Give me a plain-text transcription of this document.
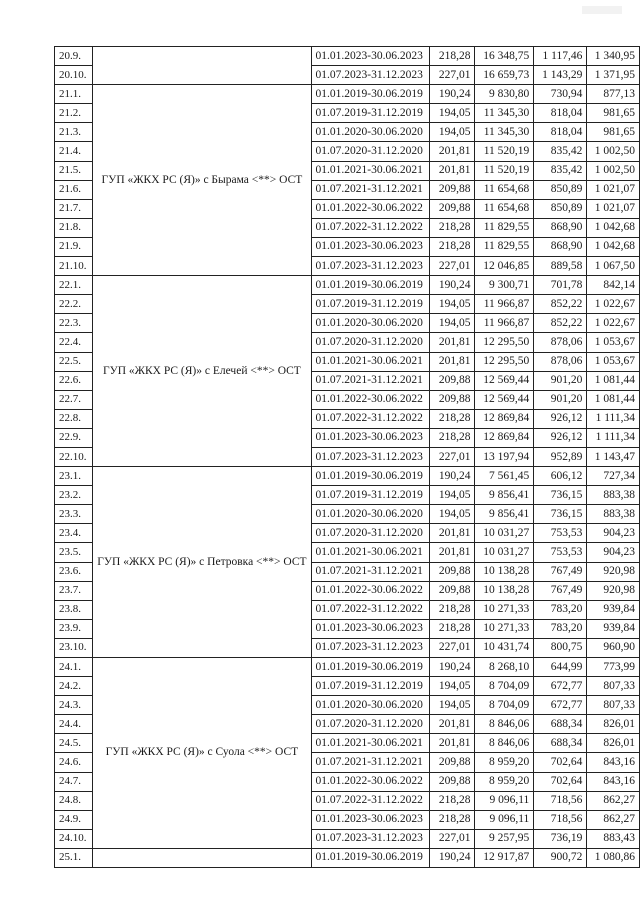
20.9.		01.01.2023-30.06.2023	218,28	16 348,75	1 117,46	1 340,95
20.10.		01.07.2023-31.12.2023	227,01	16 659,73	1 143,29	1 371,95
21.1.	ГУП «ЖКХ РС (Я)» с Бырама <**> ОСТ	01.01.2019-30.06.2019	190,24	9 830,80	730,94	877,13
21.2.		01.07.2019-31.12.2019	194,05	11 345,30	818,04	981,65
21.3.		01.01.2020-30.06.2020	194,05	11 345,30	818,04	981,65
21.4.		01.07.2020-31.12.2020	201,81	11 520,19	835,42	1 002,50
21.5.		01.01.2021-30.06.2021	201,81	11 520,19	835,42	1 002,50
21.6.		01.07.2021-31.12.2021	209,88	11 654,68	850,89	1 021,07
21.7.		01.01.2022-30.06.2022	209,88	11 654,68	850,89	1 021,07
21.8.		01.07.2022-31.12.2022	218,28	11 829,55	868,90	1 042,68
21.9.		01.01.2023-30.06.2023	218,28	11 829,55	868,90	1 042,68
21.10.		01.07.2023-31.12.2023	227,01	12 046,85	889,58	1 067,50
22.1.	ГУП «ЖКХ РС (Я)» с Елечей <**> ОСТ	01.01.2019-30.06.2019	190,24	9 300,71	701,78	842,14
22.2.		01.07.2019-31.12.2019	194,05	11 966,87	852,22	1 022,67
22.3.		01.01.2020-30.06.2020	194,05	11 966,87	852,22	1 022,67
22.4.		01.07.2020-31.12.2020	201,81	12 295,50	878,06	1 053,67
22.5.		01.01.2021-30.06.2021	201,81	12 295,50	878,06	1 053,67
22.6.		01.07.2021-31.12.2021	209,88	12 569,44	901,20	1 081,44
22.7.		01.01.2022-30.06.2022	209,88	12 569,44	901,20	1 081,44
22.8.		01.07.2022-31.12.2022	218,28	12 869,84	926,12	1 111,34
22.9.		01.01.2023-30.06.2023	218,28	12 869,84	926,12	1 111,34
22.10.		01.07.2023-31.12.2023	227,01	13 197,94	952,89	1 143,47
23.1.	ГУП «ЖКХ РС (Я)» с Петровка <**> ОСТ	01.01.2019-30.06.2019	190,24	7 561,45	606,12	727,34
23.2.		01.07.2019-31.12.2019	194,05	9 856,41	736,15	883,38
23.3.		01.01.2020-30.06.2020	194,05	9 856,41	736,15	883,38
23.4.		01.07.2020-31.12.2020	201,81	10 031,27	753,53	904,23
23.5.		01.01.2021-30.06.2021	201,81	10 031,27	753,53	904,23
23.6.		01.07.2021-31.12.2021	209,88	10 138,28	767,49	920,98
23.7.		01.01.2022-30.06.2022	209,88	10 138,28	767,49	920,98
23.8.		01.07.2022-31.12.2022	218,28	10 271,33	783,20	939,84
23.9.		01.01.2023-30.06.2023	218,28	10 271,33	783,20	939,84
23.10.		01.07.2023-31.12.2023	227,01	10 431,74	800,75	960,90
24.1.	ГУП «ЖКХ РС (Я)» с Суола <**> ОСТ	01.01.2019-30.06.2019	190,24	8 268,10	644,99	773,99
24.2.		01.07.2019-31.12.2019	194,05	8 704,09	672,77	807,33
24.3.		01.01.2020-30.06.2020	194,05	8 704,09	672,77	807,33
24.4.		01.07.2020-31.12.2020	201,81	8 846,06	688,34	826,01
24.5.		01.01.2021-30.06.2021	201,81	8 846,06	688,34	826,01
24.6.		01.07.2021-31.12.2021	209,88	8 959,20	702,64	843,16
24.7.		01.01.2022-30.06.2022	209,88	8 959,20	702,64	843,16
24.8.		01.07.2022-31.12.2022	218,28	9 096,11	718,56	862,27
24.9.		01.01.2023-30.06.2023	218,28	9 096,11	718,56	862,27
24.10.		01.07.2023-31.12.2023	227,01	9 257,95	736,19	883,43
25.1.		01.01.2019-30.06.2019	190,24	12 917,87	900,72	1 080,86
